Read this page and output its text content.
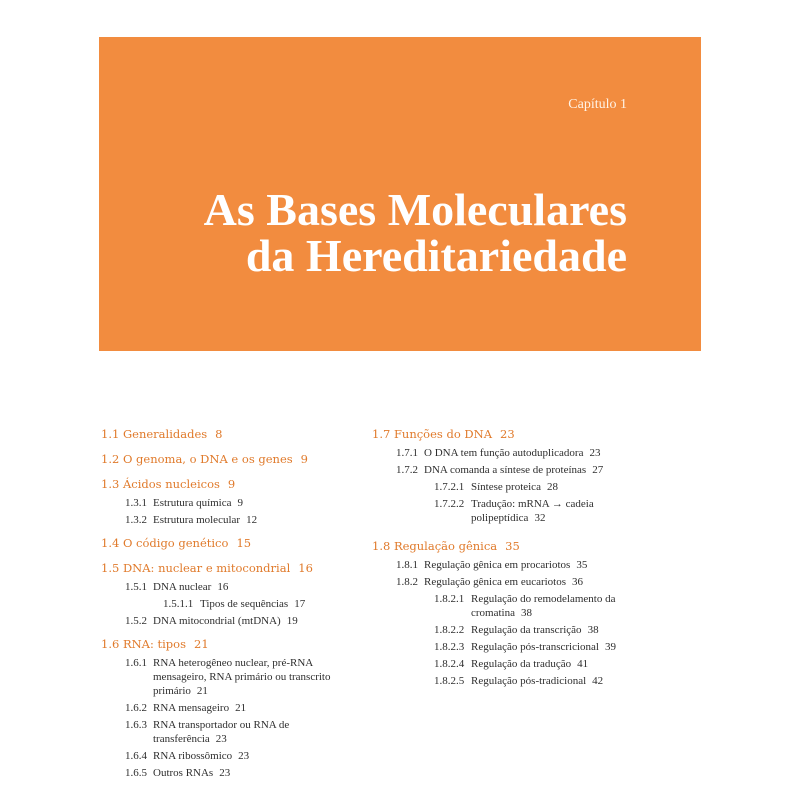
Capítulo 1
As Bases Moleculares
da Hereditariedade
1.1 Generalidades 8
1.2 O genoma, o DNA e os genes 9
1.3 Ácidos nucleicos 9
1.3.1 Estrutura química 9
1.3.2 Estrutura molecular 12
1.4 O código genético 15
1.5 DNA: nuclear e mitocondrial 16
1.5.1 DNA nuclear 16
1.5.1.1 Tipos de sequências 17
1.5.2 DNA mitocondrial (mtDNA) 19
1.6 RNA: tipos 21
1.6.1 RNA heterogêneo nuclear, pré-RNA mensageiro, RNA primário ou transcrito primário 21
1.6.2 RNA mensageiro 21
1.6.3 RNA transportador ou RNA de transferência 23
1.6.4 RNA ribossômico 23
1.6.5 Outros RNAs 23
1.7 Funções do DNA 23
1.7.1 O DNA tem função autoduplicadora 23
1.7.2 DNA comanda a síntese de proteínas 27
1.7.2.1 Síntese proteica 28
1.7.2.2 Tradução: mRNA → cadeia polipeptídica 32
1.8 Regulação gênica 35
1.8.1 Regulação gênica em procariotos 35
1.8.2 Regulação gênica em eucariotos 36
1.8.2.1 Regulação do remodelamento da cromatina 38
1.8.2.2 Regulação da transcrição 38
1.8.2.3 Regulação pós-transcricional 39
1.8.2.4 Regulação da tradução 41
1.8.2.5 Regulação pós-tradicional 42
